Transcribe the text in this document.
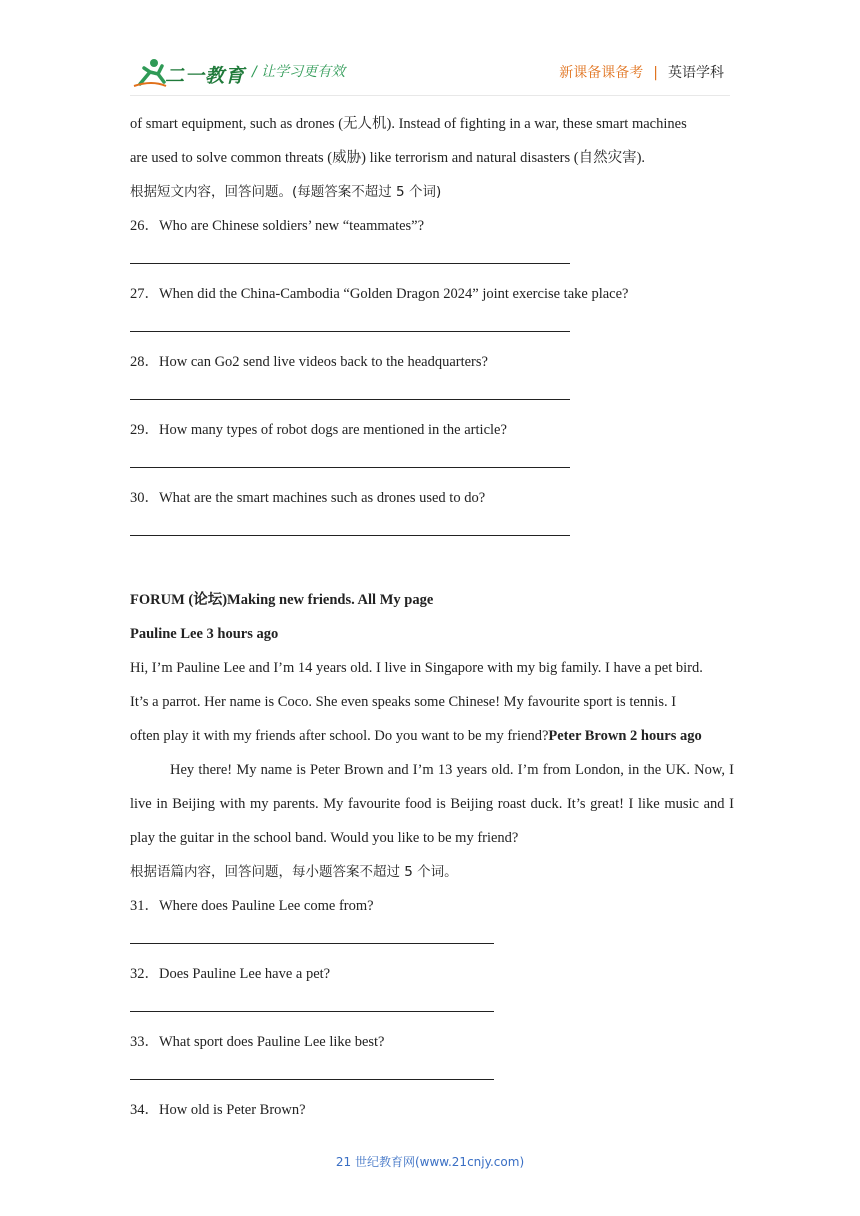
二一教育 / 让学习更有效	新课备课备考 | 英语学科

of smart equipment, such as drones (无人机). Instead of fighting in a war, these smart machines

are used to solve common threats (威胁) like terrorism and natural disasters (自然灾害).

根据短文内容，回答问题。(每题答案不超过 5 个词)

26．Who are Chinese soldiers’ new “teammates”?

27．When did the China-Cambodia “Golden Dragon 2024” joint exercise take place?

28．How can Go2 send live videos back to the headquarters?

29．How many types of robot dogs are mentioned in the article?

30．What are the smart machines such as drones used to do?

FORUM (论坛)Making new friends. All My page

Pauline Lee 3 hours ago

Hi, I’m Pauline Lee and I’m 14 years old. I live in Singapore with my big family. I have a pet bird.

It’s a parrot. Her name is Coco. She even speaks some Chinese! My favourite sport is tennis. I

often play it with my friends after school. Do you want to be my friend?Peter Brown 2 hours ago

Hey there! My name is Peter Brown and I’m 13 years old. I’m from London, in the UK. Now, I live in Beijing with my parents. My favourite food is Beijing roast duck. It’s great! I like music and I play the guitar in the school band. Would you like to be my friend?

根据语篇内容，回答问题，每小题答案不超过 5 个词。

31．Where does Pauline Lee come from?

32．Does Pauline Lee have a pet?

33．What sport does Pauline Lee like best?

34．How old is Peter Brown?

21 世纪教育网(www.21cnjy.com)
